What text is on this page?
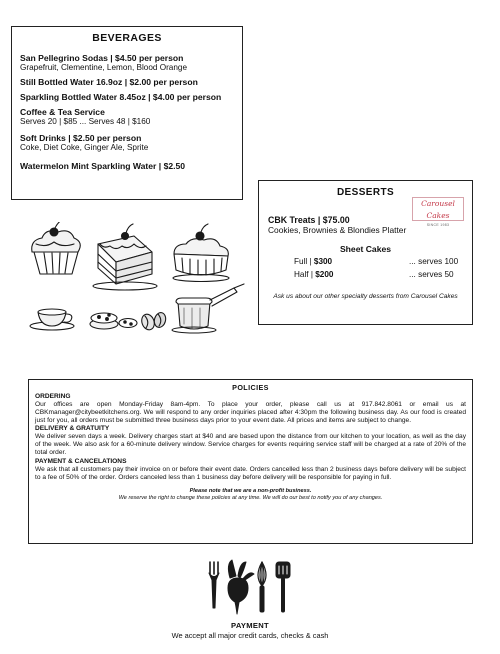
BEVERAGES
San Pellegrino Sodas | $4.50 per person
Grapefruit, Clementine, Lemon, Blood Orange
Still Bottled Water 16.9oz | $2.00 per person
Sparkling Bottled Water 8.45oz | $4.00 per person
Coffee & Tea Service
Serves 20 | $85 ... Serves 48 | $160
Soft Drinks | $2.50 per person
Coke, Diet Coke, Ginger Ale, Sprite
Watermelon Mint Sparkling Water | $2.50
DESSERTS
Carousel Cakes
SINCE 1983
CBK Treats | $75.00
Cookies, Brownies & Blondies Platter
Sheet Cakes
Full | $300	... serves 100
Half | $200	... serves 50
Ask us about our other specialty desserts from Carousel Cakes
POLICIES
ORDERING
Our offices are open Monday-Friday 8am-4pm. To place your order, please call us at 917.842.8061 or email us at CBKmanager@citybeetkitchens.org. We will respond to any order inquiries placed after 4:30pm the following business day. As our food is created just for you, all orders must be submitted three business days prior to your event date. All prices and items are subject to change.
DELIVERY & GRATUITY
We deliver seven days a week. Delivery charges start at $40 and are based upon the distance from our kitchen to your location, as well as the day of the week. We also ask for a 60-minute delivery window. Service charges for events requiring service staff will be charged at a rate of 20% of the total order.
PAYMENT & CANCELATIONS
We ask that all customers pay their invoice on or before their event date. Orders cancelled less than 2 business days before delivery will be subject to a fee of 50% of the order. Orders canceled less than 1 business day before delivery will be responsible for paying in full.
Please note that we are a non-profit business.
We reserve the right to change these policies at any time. We will do our best to notify you of any changes.
PAYMENT
We accept all major credit cards, checks & cash
